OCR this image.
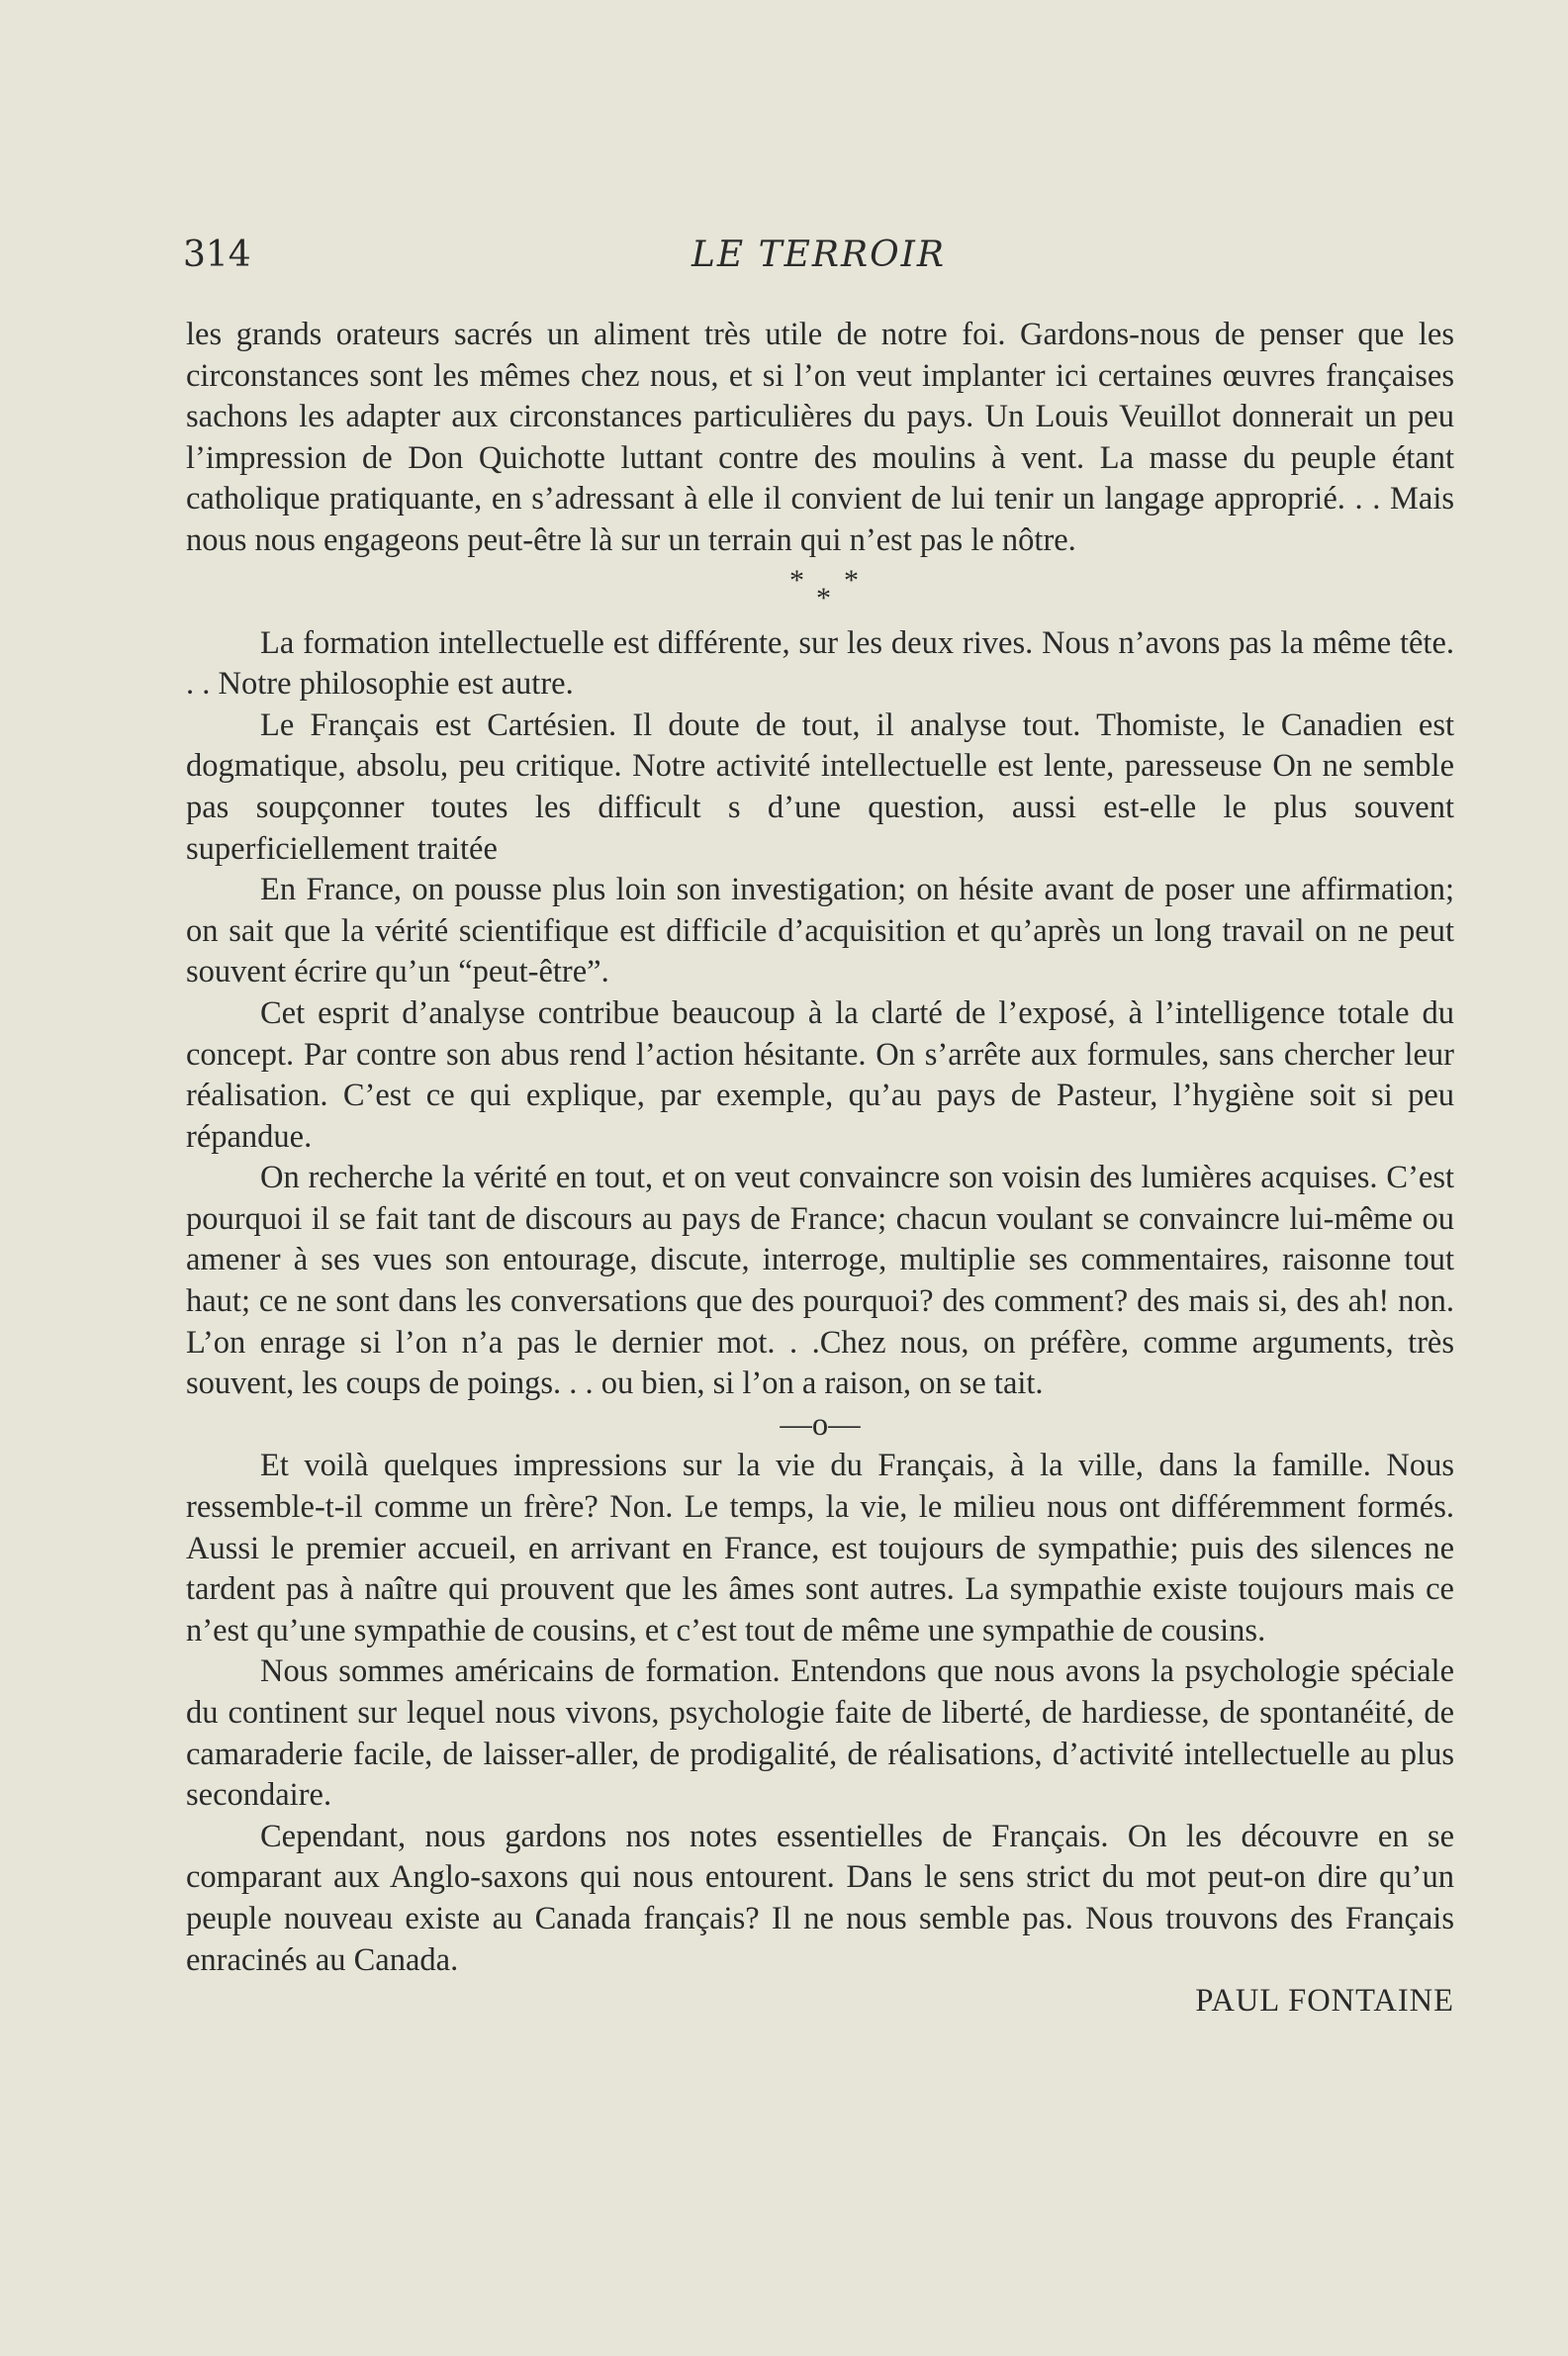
314	LE TERROIR

les grands orateurs sacrés un aliment très utile de notre foi. Gardons-nous de penser que les circonstances sont les mêmes chez nous, et si l’on veut implanter ici certaines œuvres françaises sachons les adapter aux circonstances particulières du pays. Un Louis Veuillot donnerait un peu l’impression de Don Quichotte luttant contre des moulins à vent. La masse du peuple étant catholique pratiquante, en s’adressant à elle il convient de lui tenir un langage approprié. . . Mais nous nous engageons peut-être là sur un terrain qui n’est pas le nôtre.

* *
*

La formation intellectuelle est différente, sur les deux rives. Nous n’avons pas la même tête. . . Notre philosophie est autre.

Le Français est Cartésien. Il doute de tout, il analyse tout. Thomiste, le Canadien est dogmatique, absolu, peu critique. Notre activité intellectuelle est lente, paresseuse On ne semble pas soupçonner toutes les difficult s d’une question, aussi est-elle le plus souvent superficiellement traitée

En France, on pousse plus loin son investigation; on hésite avant de poser une affirmation; on sait que la vérité scientifique est difficile d’acquisition et qu’après un long travail on ne peut souvent écrire qu’un “peut-être”.

Cet esprit d’analyse contribue beaucoup à la clarté de l’exposé, à l’intelligence totale du concept. Par contre son abus rend l’action hésitante. On s’arrête aux formules, sans chercher leur réalisation. C’est ce qui explique, par exemple, qu’au pays de Pasteur, l’hygiène soit si peu répandue.

On recherche la vérité en tout, et on veut convaincre son voisin des lumières acquises. C’est pourquoi il se fait tant de discours au pays de France; chacun voulant se convaincre lui-même ou amener à ses vues son entourage, discute, interroge, multiplie ses commentaires, raisonne tout haut; ce ne sont dans les conversations que des pourquoi? des comment? des mais si, des ah! non. L’on enrage si l’on n’a pas le dernier mot. . .Chez nous, on préfère, comme arguments, très souvent, les coups de poings. . . ou bien, si l’on a raison, on se tait.

—o—

Et voilà quelques impressions sur la vie du Français, à la ville, dans la famille. Nous ressemble-t-il comme un frère? Non. Le temps, la vie, le milieu nous ont différemment formés. Aussi le premier accueil, en arrivant en France, est toujours de sympathie; puis des silences ne tardent pas à naître qui prouvent que les âmes sont autres. La sympathie existe toujours mais ce n’est qu’une sympathie de cousins, et c’est tout de même une sympathie de cousins.

Nous sommes américains de formation. Entendons que nous avons la psychologie spéciale du continent sur lequel nous vivons, psychologie faite de liberté, de hardiesse, de spontanéité, de camaraderie facile, de laisser-aller, de prodigalité, de réalisations, d’activité intellectuelle au plus secondaire.

Cependant, nous gardons nos notes essentielles de Français. On les découvre en se comparant aux Anglo-saxons qui nous entourent. Dans le sens strict du mot peut-on dire qu’un peuple nouveau existe au Canada français? Il ne nous semble pas. Nous trouvons des Français enracinés au Canada.

PAUL FONTAINE
